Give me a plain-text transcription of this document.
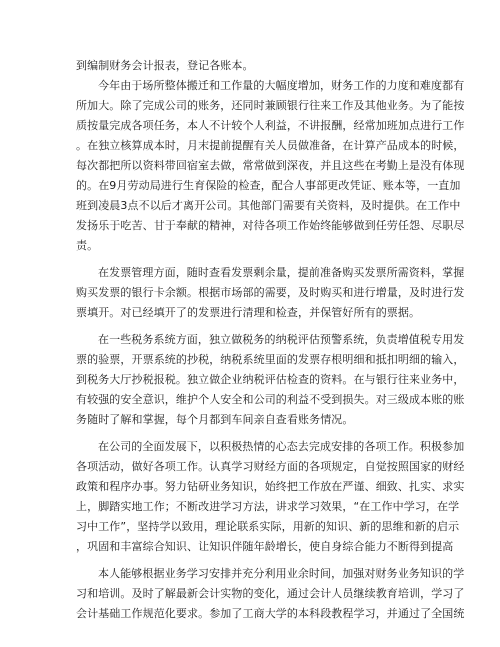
到编制财务会计报表，登记各账本。
今年由于场所整体搬迁和工作量的大幅度增加，财务工作的力度和难度都有
所加大。除了完成公司的账务，还同时兼顾银行往来工作及其他业务。为了能按
质按量完成各项任务，本人不计较个人利益，不讲报酬，经常加班加点进行工作
。在独立核算成本时，月末提前提醒有关人员做准备，在计算产品成本的时候，
每次都把所以资料带回宿室去做，常常做到深夜，并且这些在考勤上是没有体现
的。在9月劳动局进行生育保险的检查，配合人事部更改凭证、账本等，一直加
班到凌晨3点不以后才离开公司。其他部门需要有关资料，及时提供。在工作中
发扬乐于吃苦、甘于奉献的精神，对待各项工作始终能够做到任劳任怨、尽职尽
责。
在发票管理方面，随时查看发票剩余量，提前准备购买发票所需资料，掌握
购买发票的银行卡余额。根据市场部的需要，及时购买和进行增量，及时进行发
票填开。对已经填开了的发票进行清理和检查，并保管好所有的票据。
在一些税务系统方面，独立做税务的纳税评估预警系统，负责增值税专用发
票的验票，开票系统的抄税，纳税系统里面的发票存根明细和抵扣明细的输入，
到税务大厅抄税报税。独立做企业纳税评估检查的资料。在与银行往来业务中，
有较强的安全意识，维护个人安全和公司的利益不受到损失。对三级成本账的账
务随时了解和掌握，每个月都到车间亲自查看账务情况。
在公司的全面发展下，以积极热情的心态去完成安排的各项工作。积极参加
各项活动，做好各项工作。认真学习财经方面的各项规定，自觉按照国家的财经
政策和程序办事。努力钻研业务知识，始终把工作放在严谨、细致、扎实、求实
上，脚踏实地工作；不断改进学习方法，讲求学习效果，“在工作中学习，在学
习中工作”，坚持学以致用，理论联系实际，用新的知识、新的思维和新的启示
，巩固和丰富综合知识、让知识伴随年龄增长，使自身综合能力不断得到提高
本人能够根据业务学习安排并充分利用业余时间，加强对财务业务知识的学
习和培训。及时了解最新会计实物的变化，通过会计人员继续教育培训，学习了
会计基础工作规范化要求。参加了工商大学的本科段教程学习，并通过了全国统
